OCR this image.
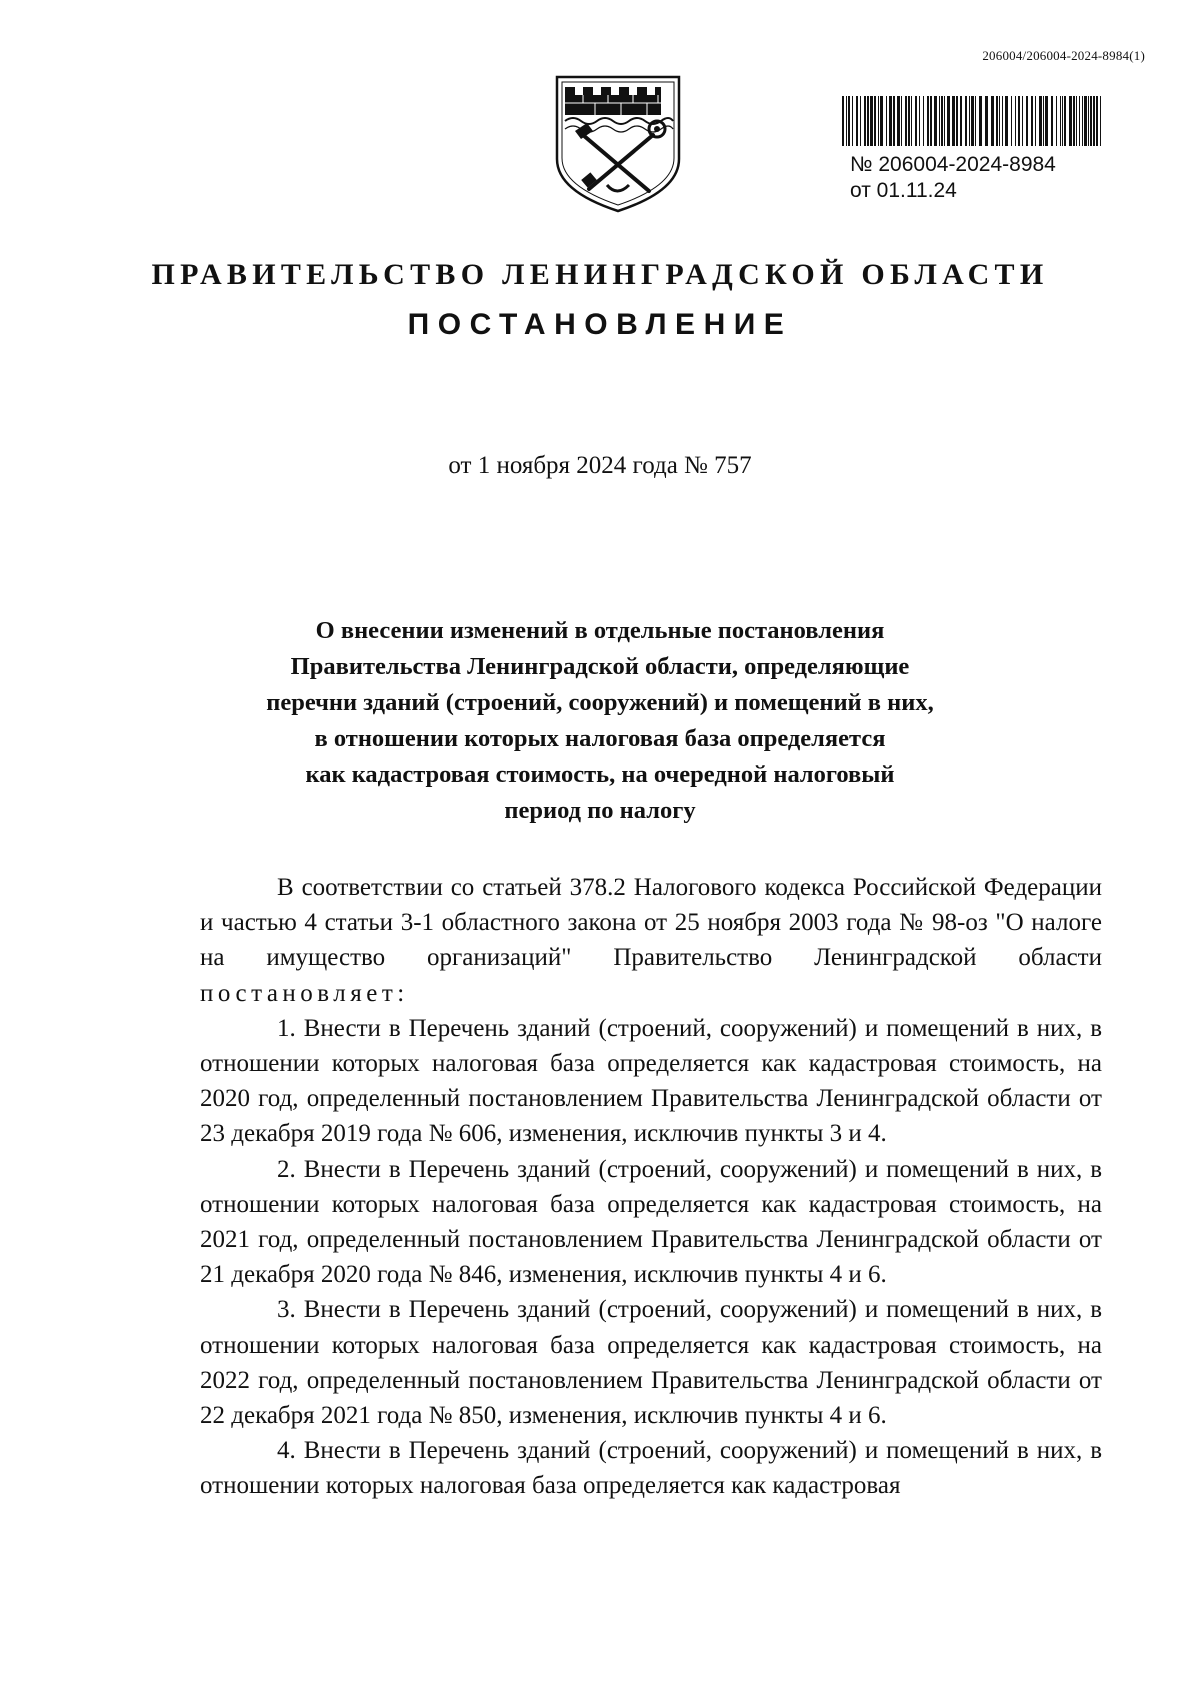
206004/206004-2024-8984(1)
№ 206004-2024-8984
от 01.11.24
ПРАВИТЕЛЬСТВО ЛЕНИНГРАДСКОЙ ОБЛАСТИ
ПОСТАНОВЛЕНИЕ
от 1 ноября 2024 года № 757
О внесении изменений в отдельные постановления
Правительства Ленинградской области, определяющие
перечни зданий (строений, сооружений) и помещений в них,
в отношении которых налоговая база определяется
как кадастровая стоимость, на очередной налоговый
период по налогу

В соответствии со статьей 378.2 Налогового кодекса Российской Федерации и частью 4 статьи 3-1 областного закона от 25 ноября 2003 года № 98-оз "О налоге на имущество организаций" Правительство Ленинградской области постановляет:

1. Внести в Перечень зданий (строений, сооружений) и помещений в них, в отношении которых налоговая база определяется как кадастровая стоимость, на 2020 год, определенный постановлением Правительства Ленинградской области от 23 декабря 2019 года № 606, изменения, исключив пункты 3 и 4.

2. Внести в Перечень зданий (строений, сооружений) и помещений в них, в отношении которых налоговая база определяется как кадастровая стоимость, на 2021 год, определенный постановлением Правительства Ленинградской области от 21 декабря 2020 года № 846, изменения, исключив пункты 4 и 6.

3. Внести в Перечень зданий (строений, сооружений) и помещений в них, в отношении которых налоговая база определяется как кадастровая стоимость, на 2022 год, определенный постановлением Правительства Ленинградской области от 22 декабря 2021 года № 850, изменения, исключив пункты 4 и 6.

4. Внести в Перечень зданий (строений, сооружений) и помещений в них, в отношении которых налоговая база определяется как кадастровая
